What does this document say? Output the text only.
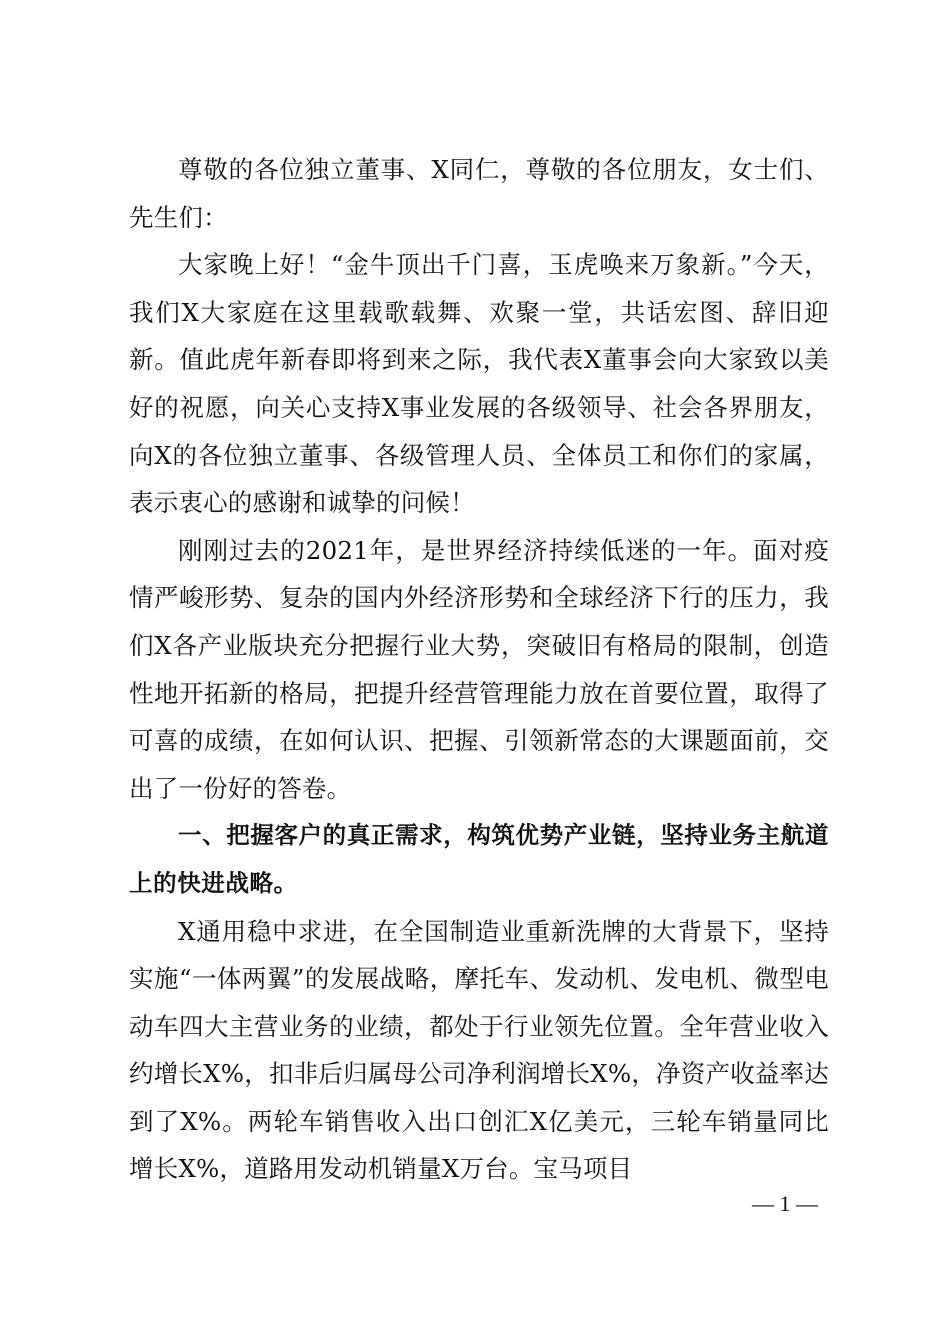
尊敬的各位独立董事、X同仁，尊敬的各位朋友，女士们、先生们：

大家晚上好！“金牛顶出千门喜，玉虎唤来万象新。”今天，我们X大家庭在这里载歌载舞、欢聚一堂，共话宏图、辞旧迎新。值此虎年新春即将到来之际，我代表X董事会向大家致以美好的祝愿，向关心支持X事业发展的各级领导、社会各界朋友，向X的各位独立董事、各级管理人员、全体员工和你们的家属，表示衷心的感谢和诚挚的问候！

刚刚过去的2021年，是世界经济持续低迷的一年。面对疫情严峻形势、复杂的国内外经济形势和全球经济下行的压力，我们X各产业版块充分把握行业大势，突破旧有格局的限制，创造性地开拓新的格局，把提升经营管理能力放在首要位置，取得了可喜的成绩，在如何认识、把握、引领新常态的大课题面前，交出了一份好的答卷。

一、把握客户的真正需求，构筑优势产业链，坚持业务主航道上的快进战略。

X通用稳中求进，在全国制造业重新洗牌的大背景下，坚持实施“一体两翼”的发展战略，摩托车、发动机、发电机、微型电动车四大主营业务的业绩，都处于行业领先位置。全年营业收入约增长X%，扣非后归属母公司净利润增长X%，净资产收益率达到了X%。两轮车销售收入出口创汇X亿美元，三轮车销量同比增长X%，道路用发动机销量X万台。宝马项目

— 1 —
